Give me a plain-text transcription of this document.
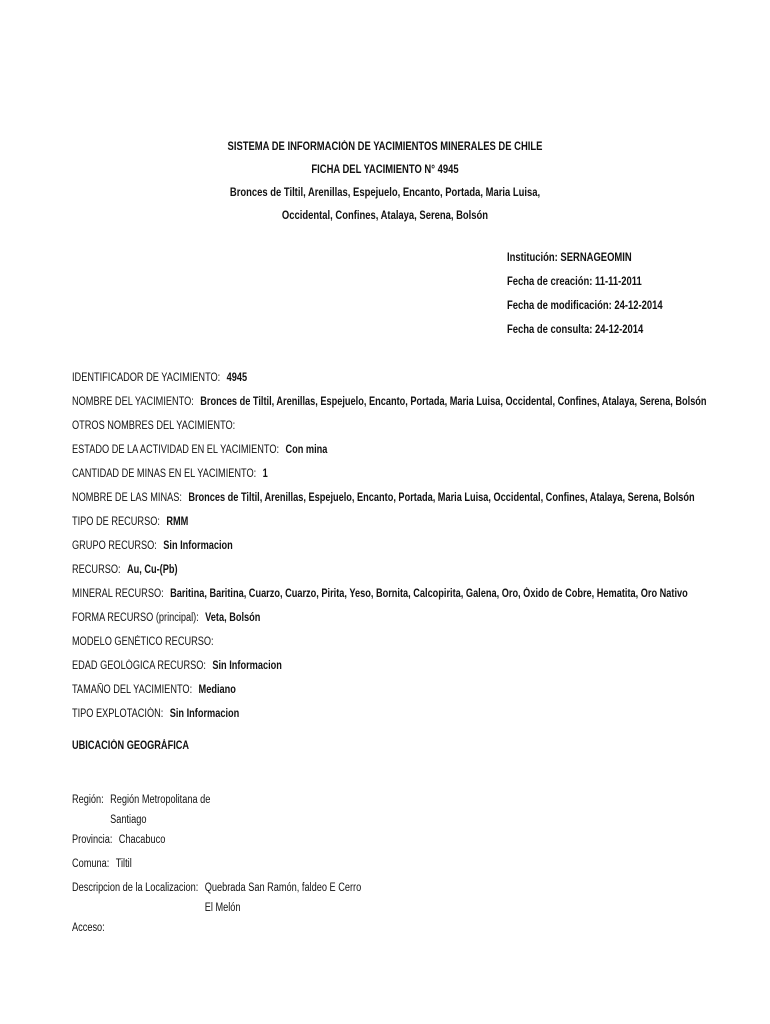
SISTEMA DE INFORMACIÓN DE YACIMIENTOS MINERALES DE CHILE
FICHA DEL YACIMIENTO N° 4945
Bronces de Tiltil, Arenillas, Espejuelo, Encanto, Portada, Maria Luisa,
Occidental, Confines, Atalaya, Serena, Bolsón
Institución: SERNAGEOMIN
Fecha de creación: 11-11-2011
Fecha de modificación: 24-12-2014
Fecha de consulta: 24-12-2014
IDENTIFICADOR DE YACIMIENTO: 4945
NOMBRE DEL YACIMIENTO: Bronces de Tiltil, Arenillas, Espejuelo, Encanto, Portada, Maria Luisa, Occidental, Confines, Atalaya, Serena, Bolsón
OTROS NOMBRES DEL YACIMIENTO:
ESTADO DE LA ACTIVIDAD EN EL YACIMIENTO: Con mina
CANTIDAD DE MINAS EN EL YACIMIENTO: 1
NOMBRE DE LAS MINAS: Bronces de Tiltil, Arenillas, Espejuelo, Encanto, Portada, Maria Luisa, Occidental, Confines, Atalaya, Serena, Bolsón
TIPO DE RECURSO: RMM
GRUPO RECURSO: Sin Informacion
RECURSO: Au, Cu-(Pb)
MINERAL RECURSO: Baritina, Baritina, Cuarzo, Cuarzo, Pirita, Yeso, Bornita, Calcopirita, Galena, Oro, Óxido de Cobre, Hematita, Oro Nativo
FORMA RECURSO (principal): Veta, Bolsón
MODELO GENÉTICO RECURSO:
EDAD GEOLÓGICA RECURSO: Sin Informacion
TAMAÑO DEL YACIMIENTO: Mediano
TIPO EXPLOTACIÓN: Sin Informacion
UBICACIÓN GEOGRÁFICA
Región: Región Metropolitana de Santiago
Provincia: Chacabuco
Comuna: Tiltil
Descripcion de la Localizacion: Quebrada San Ramón, faldeo E Cerro El Melón
Acceso:
